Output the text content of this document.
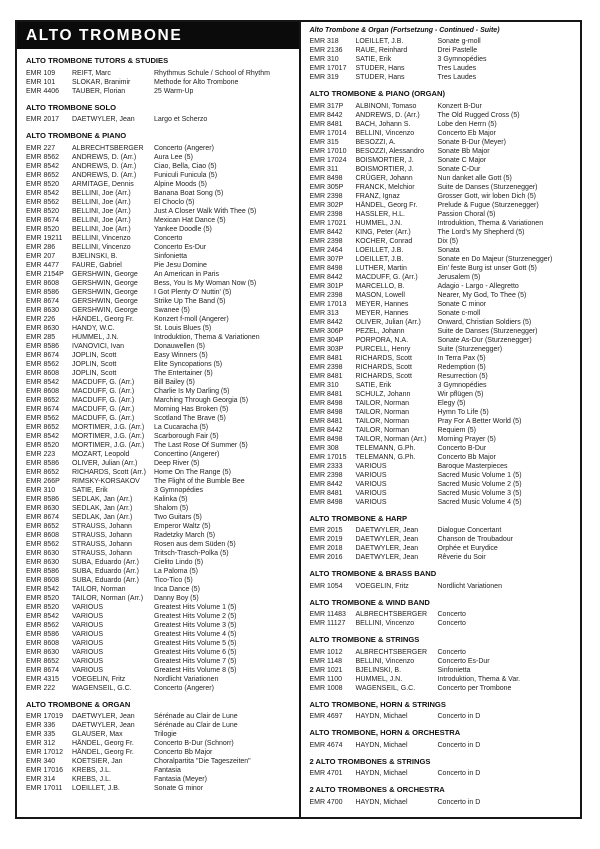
ALTO TROMBONE
ALTO TROMBONE TUTORS & STUDIES
EMR 109	REIFT, Marc	Rhythmus Schule / School of Rhythm
EMR 101	SLOKAR, Branimir	Methode for Alto Trombone
EMR 4406	TAUBER, Florian	25 Warm-Up
ALTO TROMBONE SOLO
EMR 2017	DAETWYLER, Jean	Largo et Scherzo
ALTO TROMBONE & PIANO
EMR 227	ALBRECHTSBERGER	Concerto (Angerer)
EMR 8562	ANDREWS, D. (Arr.)	Aura Lee (5)
EMR 8542	ANDREWS, D. (Arr.)	Ciao, Bella, Ciao (5)
EMR 8652	ANDREWS, D. (Arr.)	Funiculi Funicula (5)
EMR 8520	ARMITAGE, Dennis	Alpine Moods (5)
EMR 8542	BELLINI, Joe (Arr.)	Banana Boat Song (5)
EMR 8562	BELLINI, Joe (Arr.)	El Choclo (5)
EMR 8520	BELLINI, Joe (Arr.)	Just A Closer Walk With Thee (5)
EMR 8674	BELLINI, Joe (Arr.)	Mexican Hat Dance (5)
EMR 8520	BELLINI, Joe (Arr.)	Yankee Doodle (5)
EMR 19211	BELLINI, Vincenzo	Concerto
EMR 286	BELLINI, Vincenzo	Concerto Es-Dur
EMR 207	BJELINSKI, B.	Sinfonietta
EMR 4477	FAURE, Gabriel	Pie Jesu Domine
EMR 2154P	GERSHWIN, George	An American in Paris
EMR 8608	GERSHWIN, George	Bess, You Is My Woman Now (5)
EMR 8586	GERSHWIN, George	I Got Plenty O' Nuttin' (5)
EMR 8674	GERSHWIN, George	Strike Up The Band (5)
EMR 8630	GERSHWIN, George	Swanee (5)
EMR 226	HÄNDEL, Georg Fr.	Konzert f-moll (Angerer)
EMR 8630	HANDY, W.C.	St. Louis Blues (5)
EMR 285	HUMMEL, J.N.	Introduktion, Thema & Variationen
EMR 8586	IVANOVICI, Ivan	Donauwellen (5)
EMR 8674	JOPLIN, Scott	Easy Winners (5)
EMR 8562	JOPLIN, Scott	Elite Syncopations (5)
EMR 8608	JOPLIN, Scott	The Entertainer (5)
EMR 8542	MACDUFF, G. (Arr.)	Bill Bailey (5)
EMR 8608	MACDUFF, G. (Arr.)	Charlie Is My Darling (5)
EMR 8652	MACDUFF, G. (Arr.)	Marching Through Georgia (5)
EMR 8674	MACDUFF, G. (Arr.)	Morning Has Broken (5)
EMR 8562	MACDUFF, G. (Arr.)	Scotland The Brave (5)
EMR 8652	MORTIMER, J.G. (Arr.)	La Cucaracha (5)
EMR 8542	MORTIMER, J.G. (Arr.)	Scarborough Fair (5)
EMR 8520	MORTIMER, J.G. (Arr.)	The Last Rose Of Summer (5)
EMR 223	MOZART, Leopold	Concertino (Angerer)
EMR 8586	OLIVER, Julian (Arr.)	Deep River (5)
EMR 8652	RICHARDS, Scott (Arr.)	Home On The Range (5)
EMR 266P	RIMSKY-KORSAKOV	The Flight of the Bumble Bee
EMR 310	SATIE, Erik	3 Gymnopédies
EMR 8586	SEDLAK, Jan (Arr.)	Kalinka (5)
EMR 8630	SEDLAK, Jan (Arr.)	Shalom (5)
EMR 8674	SEDLAK, Jan (Arr.)	Two Guitars (5)
EMR 8652	STRAUSS, Johann	Emperor Waltz (5)
EMR 8608	STRAUSS, Johann	Radetzky March (5)
EMR 8562	STRAUSS, Johann	Rosen aus dem Süden (5)
EMR 8630	STRAUSS, Johann	Tritsch-Trasch-Polka (5)
EMR 8630	SUBA, Eduardo (Arr.)	Cielito Lindo (5)
EMR 8586	SUBA, Eduardo (Arr.)	La Paloma (5)
EMR 8608	SUBA, Eduardo (Arr.)	Tico-Tico (5)
EMR 8542	TAILOR, Norman	Inca Dance (5)
EMR 8520	TAILOR, Norman (Arr.)	Danny Boy (5)
EMR 8520	VARIOUS	Greatest Hits Volume 1 (5)
EMR 8542	VARIOUS	Greatest Hits Volume 2 (5)
EMR 8562	VARIOUS	Greatest Hits Volume 3 (5)
EMR 8586	VARIOUS	Greatest Hits Volume 4 (5)
EMR 8608	VARIOUS	Greatest Hits Volume 5 (5)
EMR 8630	VARIOUS	Greatest Hits Volume 6 (5)
EMR 8652	VARIOUS	Greatest Hits Volume 7 (5)
EMR 8674	VARIOUS	Greatest Hits Volume 8 (5)
EMR 4315	VOEGELIN, Fritz	Nordlicht Variationen
EMR 222	WAGENSEIL, G.C.	Concerto (Angerer)
ALTO TROMBONE & ORGAN
EMR 17019	DAETWYLER, Jean	Sérénade au Clair de Lune
EMR 336	DAETWYLER, Jean	Sérénade au Clair de Lune
EMR 335	GLAUSER, Max	Trilogie
EMR 312	HÄNDEL, Georg Fr.	Concerto B-Dur (Schnorr)
EMR 17012	HÄNDEL, Georg Fr.	Concerto Bb Major
EMR 340	KOETSIER, Jan	Choralpartita "Die Tageszeiten"
EMR 17016	KREBS, J.L.	Fantasia
EMR 314	KREBS, J.L.	Fantasia (Meyer)
EMR 17011	LOEILLET, J.B.	Sonate G minor
Alto Trombone & Organ (Fortsetzung - Continued - Suite)
EMR 318	LOEILLET, J.B.	Sonate g-moll
EMR 2136	RAUE, Reinhard	Drei Pastelle
EMR 310	SATIE, Erik	3 Gymnopédies
EMR 17017	STUDER, Hans	Tres Laudes
EMR 319	STUDER, Hans	Tres Laudes
ALTO TROMBONE & PIANO (ORGAN)
EMR 317P	ALBINONI, Tomaso	Konzert B-Dur
EMR 8442	ANDREWS, D. (Arr.)	The Old Rugged Cross (5)
EMR 8481	BACH, Johann S.	Lobe den Herrn (5)
EMR 17014	BELLINI, Vincenzo	Concerto Eb Major
EMR 315	BESOZZI, A.	Sonate B-Dur (Meyer)
EMR 17010	BESOZZI, Alessandro	Sonate Bb Major
EMR 17024	BOISMORTIER, J.	Sonate C Major
EMR 311	BOISMORTIER, J.	Sonate C-Dur
EMR 8498	CRÜGER, Johann	Nun danket alle Gott (5)
EMR 305P	FRANCK, Melchior	Suite de Danses (Sturzenegger)
EMR 2398	FRANZ, Ignaz	Grosser Gott, wir loben Dich (5)
EMR 302P	HÄNDEL, Georg Fr.	Prelude & Fugue (Sturzenegger)
EMR 2398	HASSLER, H.L.	Passion Choral (5)
EMR 17021	HUMMEL, J.N.	Introduktion, Thema & Variationen
EMR 8442	KING, Peter (Arr.)	The Lord's My Shepherd (5)
EMR 2398	KOCHER, Conrad	Dix (5)
EMR 2464	LOEILLET, J.B.	Sonata
EMR 307P	LOEILLET, J.B.	Sonate en Do Majeur (Sturzenegger)
EMR 8498	LUTHER, Martin	Ein' feste Burg ist unser Gott (5)
EMR 8442	MACDUFF, G. (Arr.)	Jerusalem (5)
EMR 301P	MARCELLO, B.	Adagio - Largo - Allegretto
EMR 2398	MASON, Lowell	Nearer, My God, To Thee (5)
EMR 17013	MEYER, Hannes	Sonate C minor
EMR 313	MEYER, Hannes	Sonate c-moll
EMR 8442	OLIVER, Julian (Arr.)	Onward, Christian Soldiers (5)
EMR 306P	PEZEL, Johann	Suite de Danses (Sturzenegger)
EMR 304P	PORPORA, N.A.	Sonate As-Dur (Sturzenegger)
EMR 303P	PURCELL, Henry	Suite (Sturzenegger)
EMR 8481	RICHARDS, Scott	In Terra Pax (5)
EMR 2398	RICHARDS, Scott	Redemption (5)
EMR 8481	RICHARDS, Scott	Resurrection (5)
EMR 310	SATIE, Erik	3 Gymnopédies
EMR 8481	SCHULZ, Johann	Wir pflügen (5)
EMR 8498	TAILOR, Norman	Elegy (5)
EMR 8498	TAILOR, Norman	Hymn To Life (5)
EMR 8481	TAILOR, Norman	Pray For A Better World (5)
EMR 8442	TAILOR, Norman	Requiem (5)
EMR 8498	TAILOR, Norman (Arr.)	Morning Prayer (5)
EMR 308	TELEMANN, G.Ph.	Concerto B-Dur
EMR 17015	TELEMANN, G.Ph.	Concerto Bb Major
EMR 2333	VARIOUS	Baroque Masterpieces
EMR 2398	VARIOUS	Sacred Music Volume 1 (5)
EMR 8442	VARIOUS	Sacred Music Volume 2 (5)
EMR 8481	VARIOUS	Sacred Music Volume 3 (5)
EMR 8498	VARIOUS	Sacred Music Volume 4 (5)
ALTO TROMBONE & HARP
EMR 2015	DAETWYLER, Jean	Dialogue Concertant
EMR 2019	DAETWYLER, Jean	Chanson de Troubadour
EMR 2018	DAETWYLER, Jean	Orphée et Eurydice
EMR 2016	DAETWYLER, Jean	Rêverie du Soir
ALTO TROMBONE & BRASS BAND
EMR 1054	VOEGELIN, Fritz	Nordlicht Variationen
ALTO TROMBONE & WIND BAND
EMR 11483	ALBRECHTSBERGER	Concerto
EMR 11127	BELLINI, Vincenzo	Concerto
ALTO TROMBONE & STRINGS
EMR 1012	ALBRECHTSBERGER	Concerto
EMR 1148	BELLINI, Vincenzo	Concerto Es-Dur
EMR 1021	BJELINSKI, B.	Sinfonietta
EMR 1100	HUMMEL, J.N.	Introduktion, Thema & Var.
EMR 1008	WAGENSEIL, G.C.	Concerto per Trombone
ALTO TROMBONE, HORN & STRINGS
EMR 4697	HAYDN, Michael	Concerto in D
ALTO TROMBONE, HORN & ORCHESTRA
EMR 4674	HAYDN, Michael	Concerto in D
2 ALTO TROMBONES & STRINGS
EMR 4701	HAYDN, Michael	Concerto in D
2 ALTO TROMBONES & ORCHESTRA
EMR 4700	HAYDN, Michael	Concerto in D
